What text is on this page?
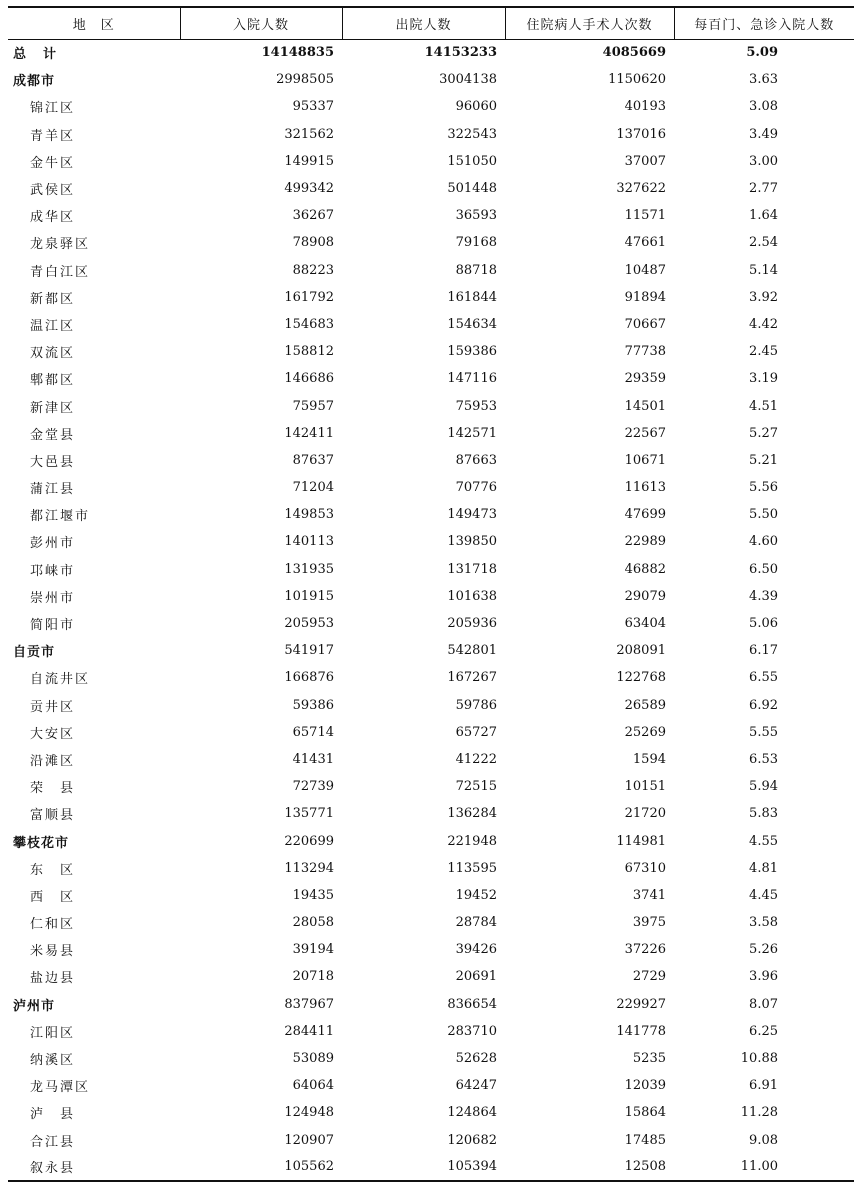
地　区	入院人数	出院人数	住院病人手术人次数	每百门、急诊入院人数
总　计	14148835	14153233	4085669	5.09
成都市	2998505	3004138	1150620	3.63
锦江区	95337	96060	40193	3.08
青羊区	321562	322543	137016	3.49
金牛区	149915	151050	37007	3.00
武侯区	499342	501448	327622	2.77
成华区	36267	36593	11571	1.64
龙泉驿区	78908	79168	47661	2.54
青白江区	88223	88718	10487	5.14
新都区	161792	161844	91894	3.92
温江区	154683	154634	70667	4.42
双流区	158812	159386	77738	2.45
郫都区	146686	147116	29359	3.19
新津区	75957	75953	14501	4.51
金堂县	142411	142571	22567	5.27
大邑县	87637	87663	10671	5.21
蒲江县	71204	70776	11613	5.56
都江堰市	149853	149473	47699	5.50
彭州市	140113	139850	22989	4.60
邛崃市	131935	131718	46882	6.50
崇州市	101915	101638	29079	4.39
简阳市	205953	205936	63404	5.06
自贡市	541917	542801	208091	6.17
自流井区	166876	167267	122768	6.55
贡井区	59386	59786	26589	6.92
大安区	65714	65727	25269	5.55
沿滩区	41431	41222	1594	6.53
荣　县	72739	72515	10151	5.94
富顺县	135771	136284	21720	5.83
攀枝花市	220699	221948	114981	4.55
东　区	113294	113595	67310	4.81
西　区	19435	19452	3741	4.45
仁和区	28058	28784	3975	3.58
米易县	39194	39426	37226	5.26
盐边县	20718	20691	2729	3.96
泸州市	837967	836654	229927	8.07
江阳区	284411	283710	141778	6.25
纳溪区	53089	52628	5235	10.88
龙马潭区	64064	64247	12039	6.91
泸　县	124948	124864	15864	11.28
合江县	120907	120682	17485	9.08
叙永县	105562	105394	12508	11.00
